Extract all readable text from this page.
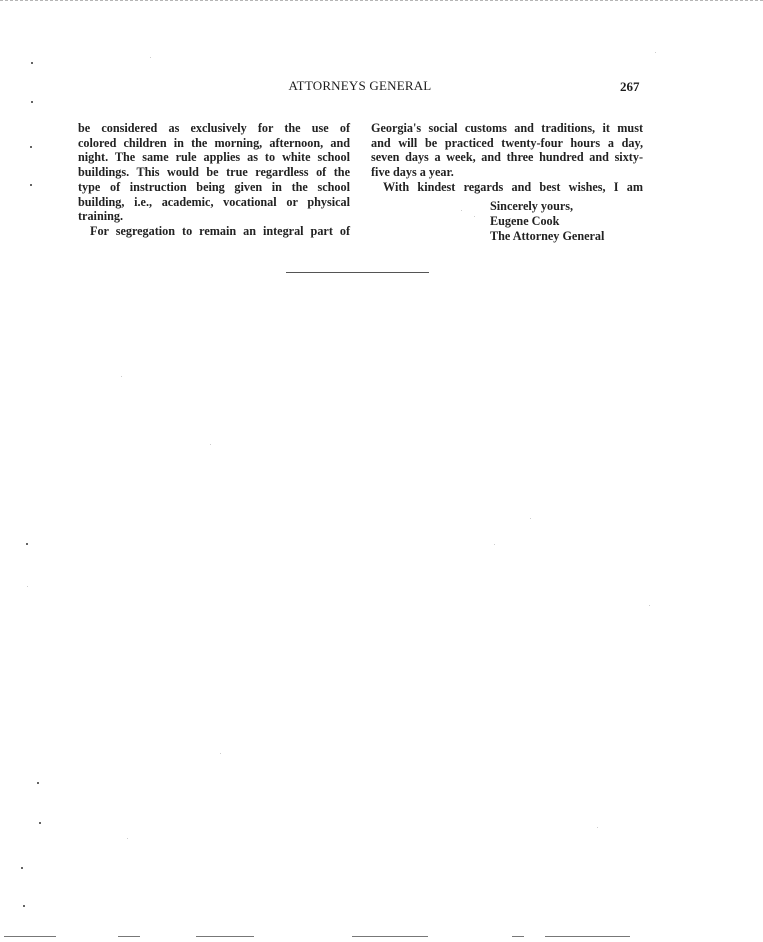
ATTORNEYS GENERAL	267
be considered as exclusively for the use of
colored children in the morning, afternoon, and
night. The same rule applies as to white school
buildings. This would be true regardless of the
type of instruction being given in the school
building, i.e., academic, vocational or physical
training.
For segregation to remain an integral part of
Georgia's social customs and traditions, it must
and will be practiced twenty-four hours a day,
seven days a week, and three hundred and sixty-
five days a year.
With kindest regards and best wishes, I am
Sincerely yours,
Eugene Cook
The Attorney General
